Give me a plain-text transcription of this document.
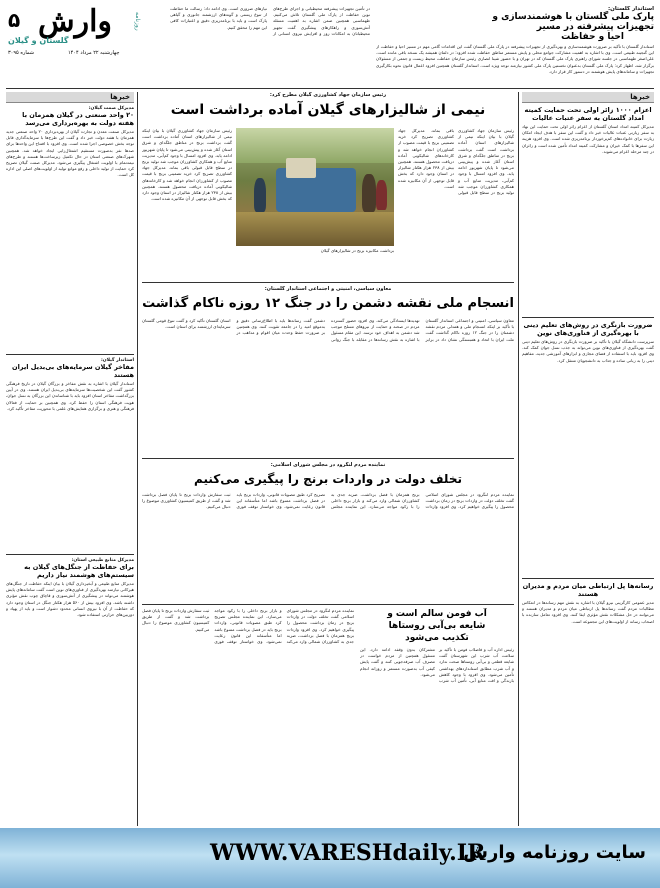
۵ وارش	روزنامه
گلستان و گیلان
چهارشنبه ۲۲ مرداد ۱۴۰۴
شماره ۳۰۹۵
در تأمین تجهیزات پیشرفته محیطبانی و اجرای طرح‌های نوین حفاظت از پارک ملی گلستان تلاش می‌کنیم. طهماسبی همچنین ضمن اشاره به اهمیت مسئله آتش‌سوزی و راهکارهای پیشگیری گفت تجهیز محیطبانان به امکانات روز و افزایش نیروی انسانی از نیازهای ضروری است. وی ادامه داد: رسالت ما حفاظت از تنوع زیستی و گونه‌های ارزشمند جانوری و گیاهی پارک است و باید با برنامه‌ریزی دقیق و اعتبارات کافی این مهم را محقق کنیم.
استاندار گلستان:
پارک ملی گلستان با هوشمندسازی و
تجهیزات پیشرفته در مسیر
احیا و حفاظت
استاندار گلستان با تأکید بر ضرورت هوشمندسازی و بهره‌گیری از تجهیزات پیشرفته در پارک ملی گلستان گفت این اقدامات گامی مهم در مسیر احیا و حفاظت از این گنجینه طبیعی است. وی با اشاره به اهمیت مشارکت جوامع محلی و پایش مستمر مناطق حفاظت شده افزود: در دلمان همیشه یک نسخه باقی مانده است. علی‌اصغر طهماسبی در جلسه شورای راهبری پارک ملی گلستان که در تهران و با حضور شینا انصاری رئیس سازمان حفاظت محیط زیست و جمعی از مسئولان برگزار شد، اظهار کرد: پارک ملی گلستان به‌عنوان نخستین پارک ملی کشور نیازمند توجه ویژه است. استاندار گلستان همچنین افزود اعمال قانون نحوه بکارگیری تجهیزات و سامانه‌های پایش هوشمند در دستور کار قرار دارد.
خبرها
مدیرکل صمت گیلان:
۲۰ واحد صنعتی در گیلان همزمان با هفته دولت به بهره‌برداری می‌رسد
مدیرکل صنعت معدن و تجارت گیلان از بهره‌برداری ۲۰ واحد صنعتی جدید همزمان با هفته دولت خبر داد و گفت این طرح‌ها با سرمایه‌گذاری قابل توجه بخش خصوصی اجرا شده است. وی افزود با افتتاح این واحدها برای صدها نفر به‌صورت مستقیم اشتغال‌زایی ایجاد خواهد شد. همچنین شهرک‌های صنعتی استان در حال تکمیل زیرساخت‌ها هستند و طرح‌های نیمه‌تمام با اولویت اشتغال پیگیری می‌شود. مدیرکل صمت گیلان تصریح کرد حمایت از تولید داخلی و رفع موانع تولید از اولویت‌های اصلی این اداره کل است.
استاندار گیلان:
مفاخر گیلان سرمایه‌های بی‌بدیل ایران هستند
استاندار گیلان با اشاره به نقش مفاخر و بزرگان گیلان در تاریخ فرهنگی کشور گفت این شخصیت‌ها سرمایه‌های بی‌بدیل ایران هستند. وی در آیین بزرگداشت مفاخر استان افزود باید با شناساندن این بزرگان به نسل جوان، هویت فرهنگی استان را حفظ کرد. وی همچنین بر حمایت از فعالان فرهنگی و هنری و برگزاری همایش‌های علمی با محوریت مفاخر تأکید کرد.
مدیرکل منابع طبیعی استان:
برای حفاظت از جنگل‌های گیلان به سیستم‌های هوشمند نیاز داریم
مدیرکل منابع طبیعی و آبخیزداری گیلان با بیان اینکه حفاظت از جنگل‌های هیرکانی نیازمند بهره‌گیری از فناوری‌های نوین است گفت سامانه‌های پایش هوشمند می‌تواند در پیشگیری از آتش‌سوزی و قاچاق چوب نقش مؤثری داشته باشد. وی افزود بیش از ۵۶۰ هزار هکتار جنگل در استان وجود دارد که حفاظت از آن با نیروی انسانی محدود دشوار است و باید از پهپاد و دوربین‌های حرارتی استفاده شود.
خبرها
اعزام ۱۰۰۰ زائر اولی تحت حمایت کمیته امداد گلستان به سفر عتبات عالیات
مدیرکل کمیته امداد استان گلستان از اعزام زائر اولی تحت حمایت این نهاد به سفر زیارتی عتبات عالیات خبر داد و گفت این سفر با هدف ایجاد امکان زیارت برای خانواده‌های کم‌برخوردار برنامه‌ریزی شده است. وی افزود هزینه این سفرها با کمک خیران و مشارکت کمیته امداد تأمین شده است و زائران در چند مرحله اعزام می‌شوند.
ضرورت بازنگری در روش‌های تعلیم دینی با بهره‌گیری از فناوری‌های نوین
سرپرست دانشگاه گیلان با تأکید بر ضرورت بازنگری در روش‌های تعلیم دینی گفت بهره‌گیری از فناوری‌های نوین می‌تواند به جذب نسل جوان کمک کند. وی افزود باید با استفاده از فضای مجازی و ابزارهای آموزشی جدید، مفاهیم دینی را به زبانی ساده و جذاب به دانشجویان منتقل کرد.
رسانه‌ها پل ارتباطی میان مردم و مدیران هستند
مدیر عمومی کارگزینی نیرو گیلان با اشاره به نقش مهم رسانه‌ها در انعکاس مطالبات مردم گفت رسانه‌ها پل ارتباطی میان مردم و مدیران هستند و می‌توانند در حل مشکلات نقش مؤثری ایفا کنند. وی افزود تعامل سازنده با اصحاب رسانه از اولویت‌های این مجموعه است.
رئیس سازمان جهاد کشاورزی گیلان مطرح کرد:
نیمی از شالیزارهای گیلان آماده برداشت است
رئیس سازمان جهاد کشاورزی گیلان با بیان اینکه نیمی از شالیزارهای استان آماده برداشت است گفت برداشت برنج در مناطق جلگه‌ای و شرق استان آغاز شده و پیش‌بینی می‌شود تا پایان شهریور ادامه یابد. وی افزود امسال با وجود کم‌آبی، مدیریت منابع آب و همکاری کشاورزان موجب شد تولید برنج در سطح قابل قبولی باقی بماند. مدیرکل جهاد کشاورزی تصریح کرد خرید تضمینی برنج با قیمت مصوب از کشاورزان انجام خواهد شد و کارخانه‌های شالیکوبی آماده دریافت محصول هستند. همچنین بیش از ۲۳۸ هزار هکتار شالیزار در استان وجود دارد که بخش قابل توجهی از آن مکانیزه شده است.
برداشت مکانیزه برنج در شالیزارهای گیلان
رئیس سازمان جهاد کشاورزی گیلان با بیان اینکه نیمی از شالیزارهای استان آماده برداشت است گفت برداشت برنج در مناطق جلگه‌ای و شرق استان آغاز شده و پیش‌بینی می‌شود تا پایان شهریور ادامه یابد. وی افزود امسال با وجود کم‌آبی، مدیریت منابع آب و همکاری کشاورزان موجب شد تولید برنج در سطح قابل قبولی باقی بماند. مدیرکل جهاد کشاورزی تصریح کرد خرید تضمینی برنج با قیمت مصوب از کشاورزان انجام خواهد شد و کارخانه‌های شالیکوبی آماده دریافت محصول هستند. همچنین بیش از ۲۳۸ هزار هکتار شالیزار در استان وجود دارد که بخش قابل توجهی از آن مکانیزه شده است.
معاون سیاسی، امنیتی و اجتماعی استاندار گلستان:
انسجام ملی نقشه دشمن را در جنگ ۱۲ روزه ناکام گذاشت
معاون سیاسی، امنیتی و اجتماعی استاندار گلستان با تأکید بر اینکه انسجام ملی و همدلی مردم نقشه دشمنان را در جنگ ۱۲ روزه ناکام گذاشت گفت ملت ایران با اتحاد و همبستگی نشان داد در برابر تهدیدها ایستادگی می‌کند. وی افزود حضور گسترده مردم در صحنه و حمایت از نیروهای مسلح موجب شد دشمن به اهداف خود نرسد. این مقام مسئول با اشاره به نقش رسانه‌ها در مقابله با جنگ روانی دشمن گفت رسانه‌ها باید با اطلاع‌رسانی دقیق و به‌موقع امید را در جامعه تقویت کنند. وی همچنین بر ضرورت حفظ وحدت میان اقوام و مذاهب در استان گلستان تأکید کرد و گفت تنوع قومی گلستان سرمایه‌ای ارزشمند برای استان است.
نماینده مردم لنگرود در مجلس شورای اسلامی:
تخلف دولت در واردات برنج را پیگیری می‌کنیم
نماینده مردم لنگرود در مجلس شورای اسلامی گفت تخلف دولت در واردات برنج در زمان برداشت محصول را پیگیری خواهیم کرد. وی افزود واردات برنج همزمان با فصل برداشت، ضربه جدی به کشاورزان شمالی وارد می‌کند و بازار برنج داخلی را با رکود مواجه می‌سازد. این نماینده مجلس تصریح کرد طبق مصوبات قانونی، واردات برنج باید در فصل برداشت ممنوع باشد اما متأسفانه این قانون رعایت نمی‌شود. وی خواستار توقف فوری ثبت سفارش واردات برنج تا پایان فصل برداشت شد و گفت از طریق کمیسیون کشاورزی موضوع را دنبال می‌کنیم.
آب فومن سالم است و
شایعه بی‌آبی روستاها
تکذیب می‌شود
رئیس اداره آب و فاضلاب فومن با تأکید بر سلامت آب شرب این شهرستان گفت شایعه قطعی و بی‌آبی روستاها صحت ندارد و آب شرب مطابق استانداردهای بهداشتی تأمین می‌شود. وی افزود با وجود کاهش بارندگی و افت منابع آبی، تأمین آب شرب مشترکان بدون وقفه ادامه دارد. این مسئول همچنین از مردم خواست در مصرف آب صرفه‌جویی کنند و گفت پایش کیفی آب به‌صورت مستمر و روزانه انجام می‌شود.
نماینده مردم لنگرود در مجلس شورای اسلامی گفت تخلف دولت در واردات برنج در زمان برداشت محصول را پیگیری خواهیم کرد. وی افزود واردات برنج همزمان با فصل برداشت، ضربه جدی به کشاورزان شمالی وارد می‌کند و بازار برنج داخلی را با رکود مواجه می‌سازد. این نماینده مجلس تصریح کرد طبق مصوبات قانونی، واردات برنج باید در فصل برداشت ممنوع باشد اما متأسفانه این قانون رعایت نمی‌شود. وی خواستار توقف فوری ثبت سفارش واردات برنج تا پایان فصل برداشت شد و گفت از طریق کمیسیون کشاورزی موضوع را دنبال می‌کنیم.
سایت روزنامه وارش
WWW.VARESHdaily.IR
